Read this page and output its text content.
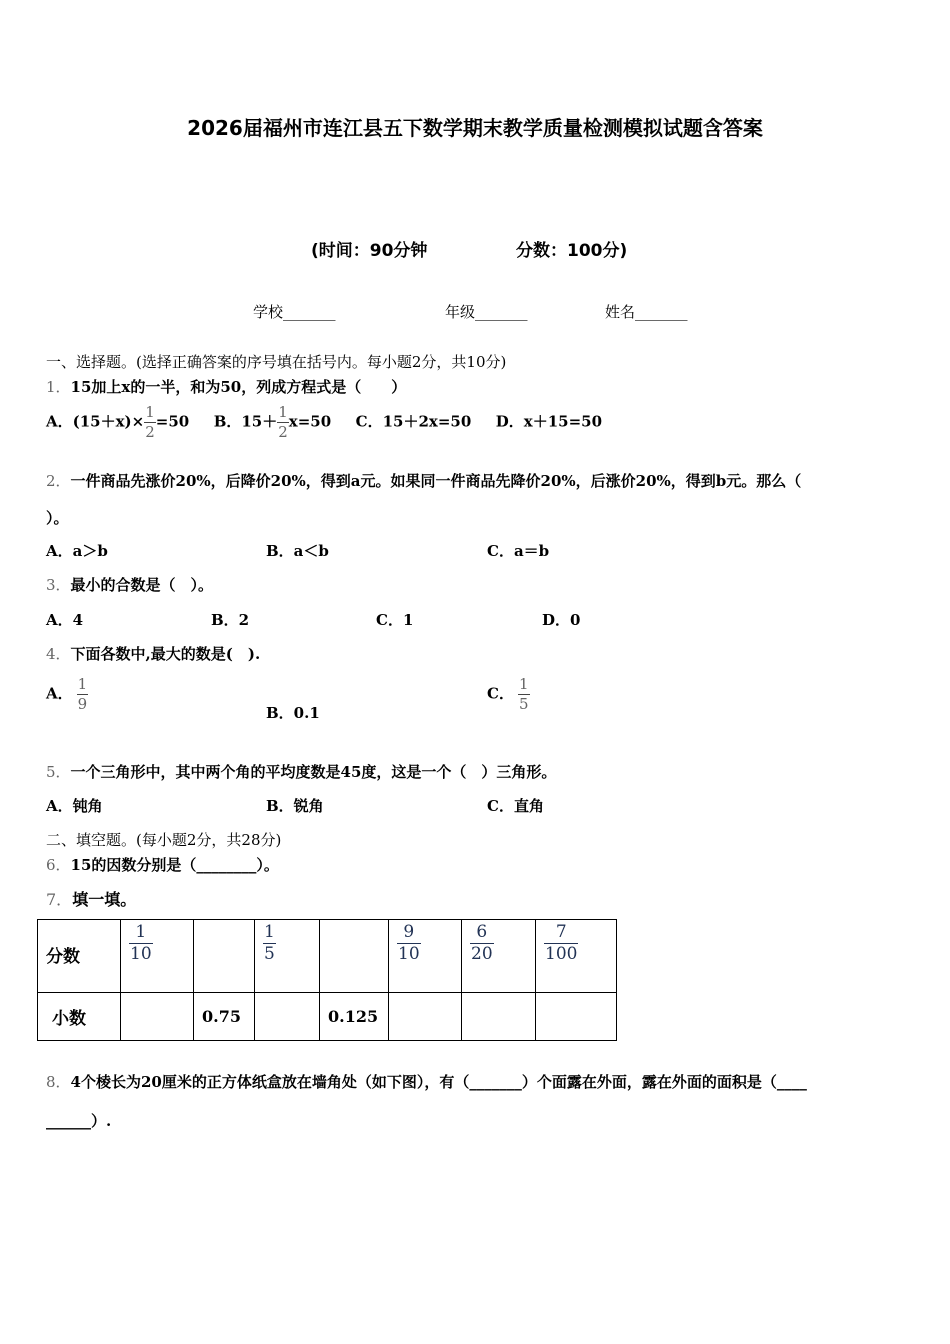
2026届福州市连江县五下数学期末教学质量检测模拟试题含答案
(时间：90分钟	分数：100分)
学校_______	年级_______	姓名_______
一、选择题。(选择正确答案的序号填在括号内。每小题2分，共10分)
1．15加上x的一半，和为50，列成方程式是（　　）
A．$(15+x)\times \frac{1}{2} =50$ B．$15+ \frac{1}{2} x=50$ C．15＋2x=50 D．x＋15=50
2．一件商品先涨价20%，后降价20%，得到a元。如果同一件商品先降价20%，后涨价20%，得到b元。那么（
）。
A．a＞b	B．a＜b	C．a＝b
3．最小的合数是（　）。
A．4	B．2	C．1	D．0
4．下面各数中,最大的数是(　).
A． $\frac{1}{9}$
B．0.1
C． $\frac{1}{5}$
5．一个三角形中，其中两个角的平均度数是45度，这是一个（　）三角形。
A．钝角	B．锐角	C．直角
二、填空题。(每小题2分，共28分)
6．15的因数分别是（________）。
7．填一填。
分数	$\frac{1}{10}$		$\frac{1}{5}$		$\frac{9}{10}$	$\frac{6}{20}$	$\frac{7}{100}$

小数		0.75		0.125			
8．4个棱长为20厘米的正方体纸盒放在墙角处（如下图），有（_______）个面露在外面，露在外面的面积是（____
______）.
